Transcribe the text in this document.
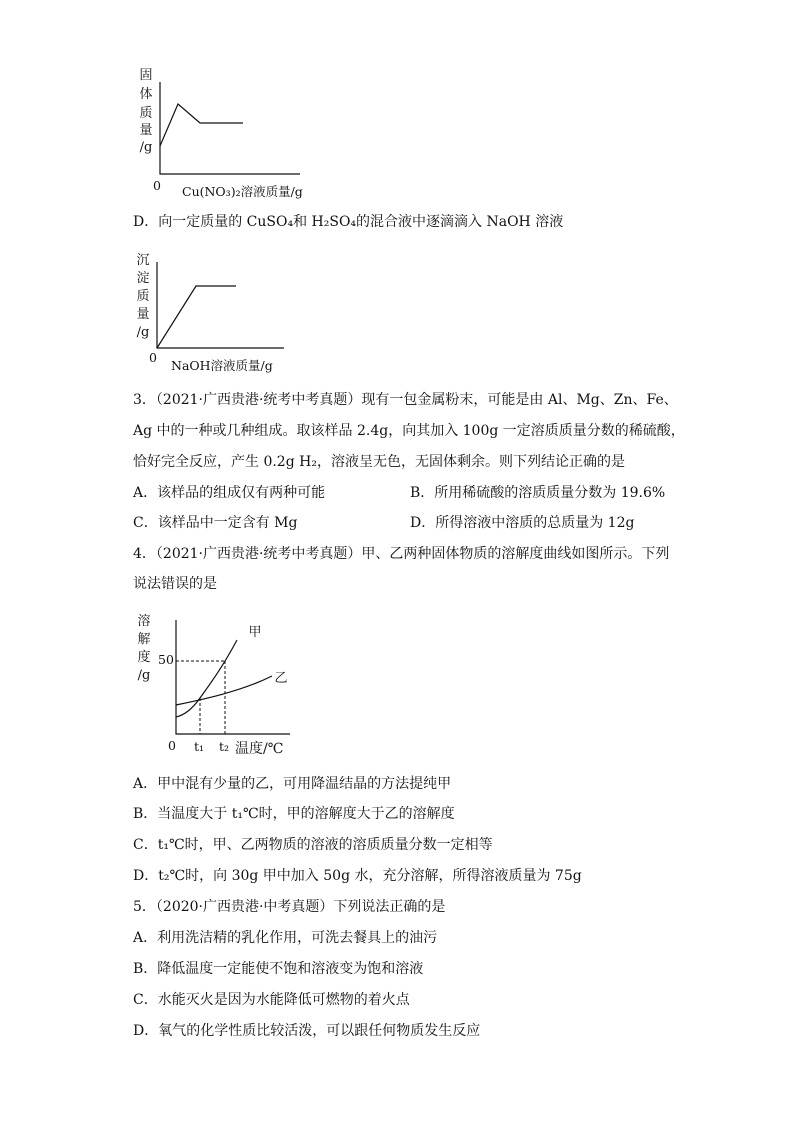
固
体
质
量
/g
0 Cu(NO₃)₂溶液质量/g
D．向一定质量的 CuSO₄和 H₂SO₄的混合液中逐滴滴入 NaOH 溶液
沉
淀
质
量
/g
0
NaOH溶液质量/g
3．（2021·广西贵港·统考中考真题）现有一包金属粉末，可能是由 Al、Mg、Zn、Fe、
Ag 中的一种或几种组成。取该样品 2.4g，向其加入 100g 一定溶质质量分数的稀硫酸，
恰好完全反应，产生 0.2g H₂，溶液呈无色，无固体剩余。则下列结论正确的是
A．该样品的组成仅有两种可能	B．所用稀硫酸的溶质质量分数为 19.6%
C．该样品中一定含有 Mg	D．所得溶液中溶质的总质量为 12g
4．（2021·广西贵港·统考中考真题）甲、乙两种固体物质的溶解度曲线如图所示。下列
说法错误的是
溶
解
度
/g
50
甲
乙
0 t₁ t₂ 温度/℃
A．甲中混有少量的乙，可用降温结晶的方法提纯甲
B．当温度大于 t₁℃时，甲的溶解度大于乙的溶解度
C．t₁℃时，甲、乙两物质的溶液的溶质质量分数一定相等
D．t₂℃时，向 30g 甲中加入 50g 水，充分溶解，所得溶液质量为 75g
5．（2020·广西贵港·中考真题）下列说法正确的是
A．利用洗洁精的乳化作用，可洗去餐具上的油污
B．降低温度一定能使不饱和溶液变为饱和溶液
C．水能灭火是因为水能降低可燃物的着火点
D．氧气的化学性质比较活泼，可以跟任何物质发生反应
